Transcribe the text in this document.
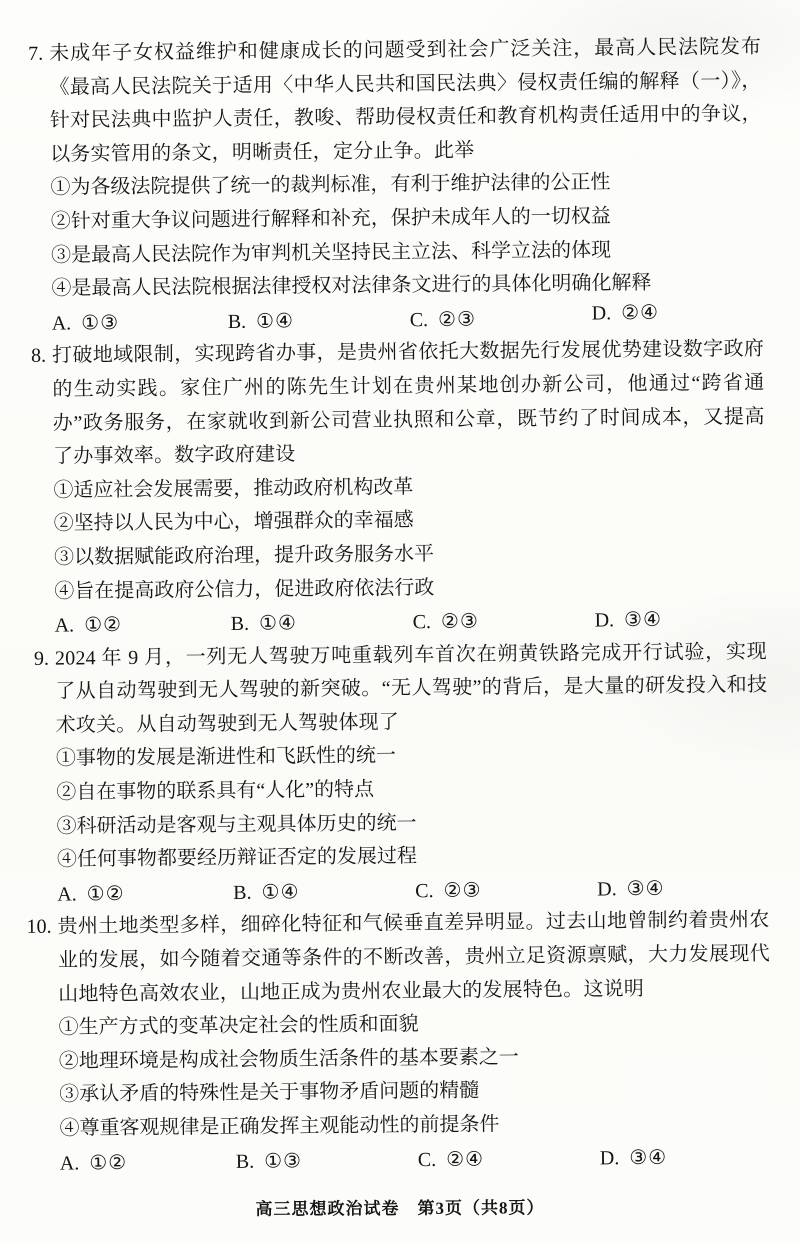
7. 未成年子女权益维护和健康成长的问题受到社会广泛关注，最高人民法院发布《最高人民法院关于适用〈中华人民共和国民法典〉侵权责任编的解释（一）》，针对民法典中监护人责任，教唆、帮助侵权责任和教育机构责任适用中的争议，以务实管用的条文，明晰责任，定分止争。此举

①为各级法院提供了统一的裁判标准，有利于维护法律的公正性
②针对重大争议问题进行解释和补充，保护未成年人的一切权益
③是最高人民法院作为审判机关坚持民主立法、科学立法的体现
④是最高人民法院根据法律授权对法律条文进行的具体化明确化解释
A. ①③	B. ①④	C. ②③	D. ②④
8. 打破地域限制，实现跨省办事，是贵州省依托大数据先行发展优势建设数字政府的生动实践。家住广州的陈先生计划在贵州某地创办新公司，他通过“跨省通办”政务服务，在家就收到新公司营业执照和公章，既节约了时间成本，又提高了办事效率。数字政府建设

①适应社会发展需要，推动政府机构改革
②坚持以人民为中心，增强群众的幸福感
③以数据赋能政府治理，提升政务服务水平
④旨在提高政府公信力，促进政府依法行政
A. ①②	B. ①④	C. ②③	D. ③④
9. 2024 年 9 月，一列无人驾驶万吨重载列车首次在朔黄铁路完成开行试验，实现了从自动驾驶到无人驾驶的新突破。“无人驾驶”的背后，是大量的研发投入和技术攻关。从自动驾驶到无人驾驶体现了

①事物的发展是渐进性和飞跃性的统一
②自在事物的联系具有“人化”的特点
③科研活动是客观与主观具体历史的统一
④任何事物都要经历辩证否定的发展过程
A. ①②	B. ①④	C. ②③	D. ③④
10. 贵州土地类型多样，细碎化特征和气候垂直差异明显。过去山地曾制约着贵州农业的发展，如今随着交通等条件的不断改善，贵州立足资源禀赋，大力发展现代山地特色高效农业，山地正成为贵州农业最大的发展特色。这说明

①生产方式的变革决定社会的性质和面貌
②地理环境是构成社会物质生活条件的基本要素之一
③承认矛盾的特殊性是关于事物矛盾问题的精髓
④尊重客观规律是正确发挥主观能动性的前提条件
A. ①②	B. ①③	C. ②④	D. ③④
高三思想政治试卷 第3页（共8页）
